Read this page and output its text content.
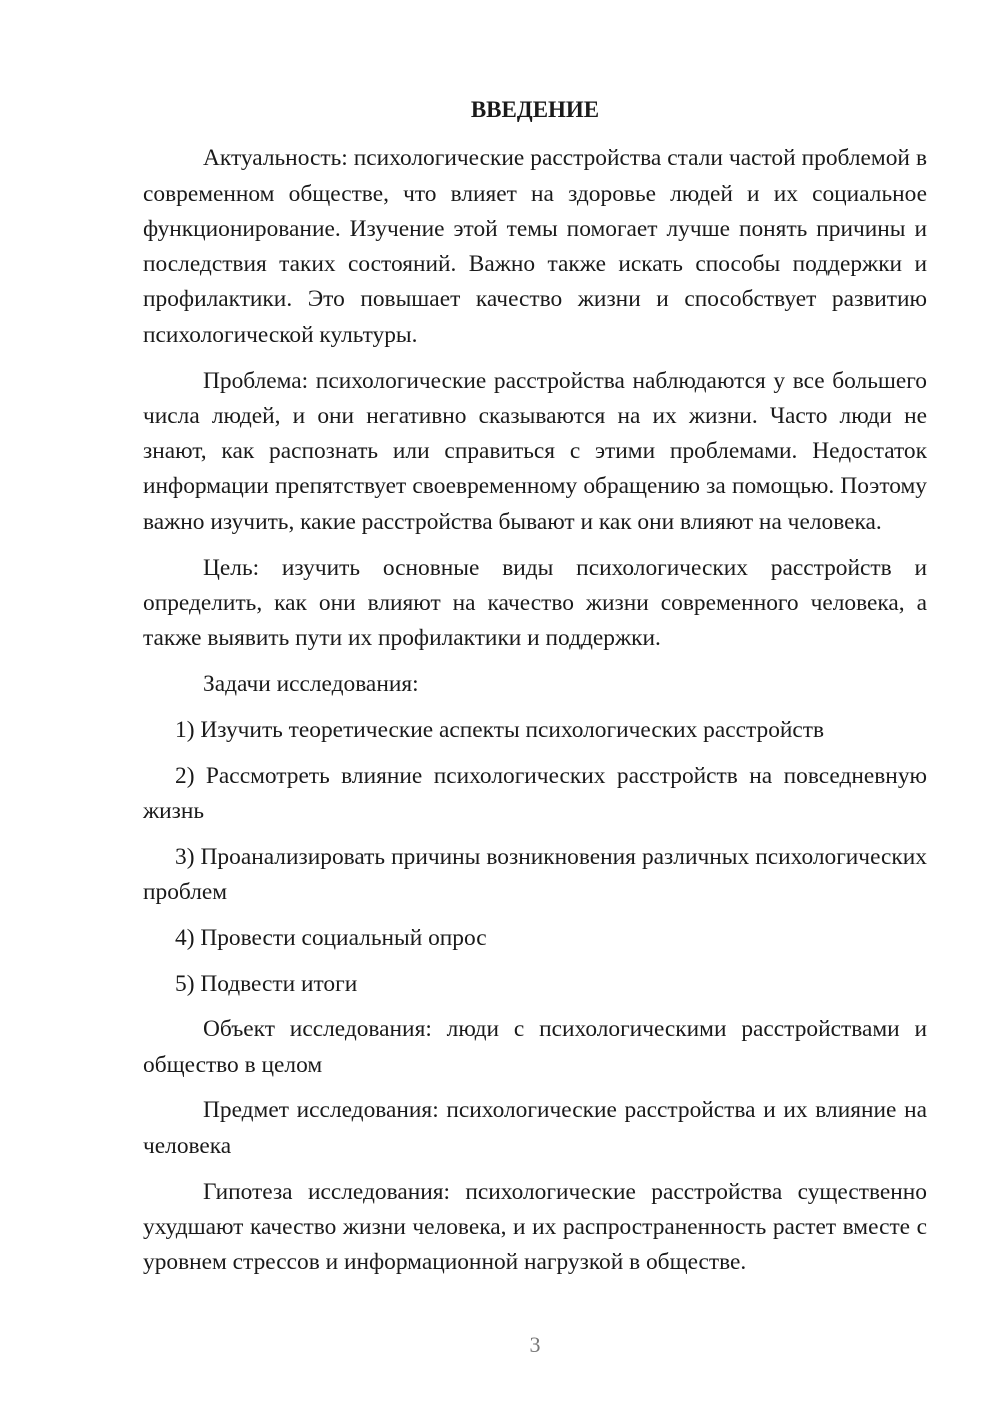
ВВЕДЕНИЕ

Актуальность: психологические расстройства стали частой проблемой в современном обществе, что влияет на здоровье людей и их социальное функционирование. Изучение этой темы помогает лучше понять причины и последствия таких состояний. Важно также искать способы поддержки и профилактики. Это повышает качество жизни и способствует развитию психологической культуры.

Проблема: психологические расстройства наблюдаются у все большего числа людей, и они негативно сказываются на их жизни. Часто люди не знают, как распознать или справиться с этими проблемами. Недостаток информации препятствует своевременному обращению за помощью. Поэтому важно изучить, какие расстройства бывают и как они влияют на человека.

Цель: изучить основные виды психологических расстройств и определить, как они влияют на качество жизни современного человека, а также выявить пути их профилактики и поддержки.

Задачи исследования:

1) Изучить теоретические аспекты психологических расстройств

2) Рассмотреть влияние психологических расстройств на повседневную жизнь

3) Проанализировать причины возникновения различных психологических проблем

4) Провести социальный опрос

5) Подвести итоги

Объект исследования: люди с психологическими расстройствами и общество в целом

Предмет исследования: психологические расстройства и их влияние на человека

Гипотеза исследования: психологические расстройства существенно ухудшают качество жизни человека, и их распространенность растет вместе с уровнем стрессов и информационной нагрузкой в обществе.

3
